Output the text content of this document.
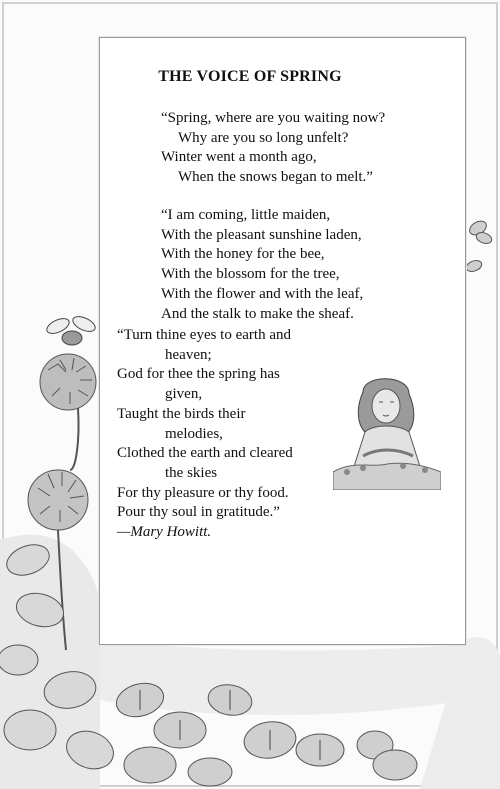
THE VOICE OF SPRING
“Spring, where are you waiting now?
Why are you so long unfelt?
Winter went a month ago,
When the snows began to melt.”
“I am coming, little maiden,
With the pleasant sunshine laden,
With the honey for the bee,
With the blossom for the tree,
With the flower and with the leaf,
And the stalk to make the sheaf.
“Turn thine eyes to earth and
heaven;
God for thee the spring has
given,
Taught the birds their
melodies,
Clothed the earth and cleared
the skies
For thy pleasure or thy food.
Pour thy soul in gratitude.”
—Mary Howitt.
